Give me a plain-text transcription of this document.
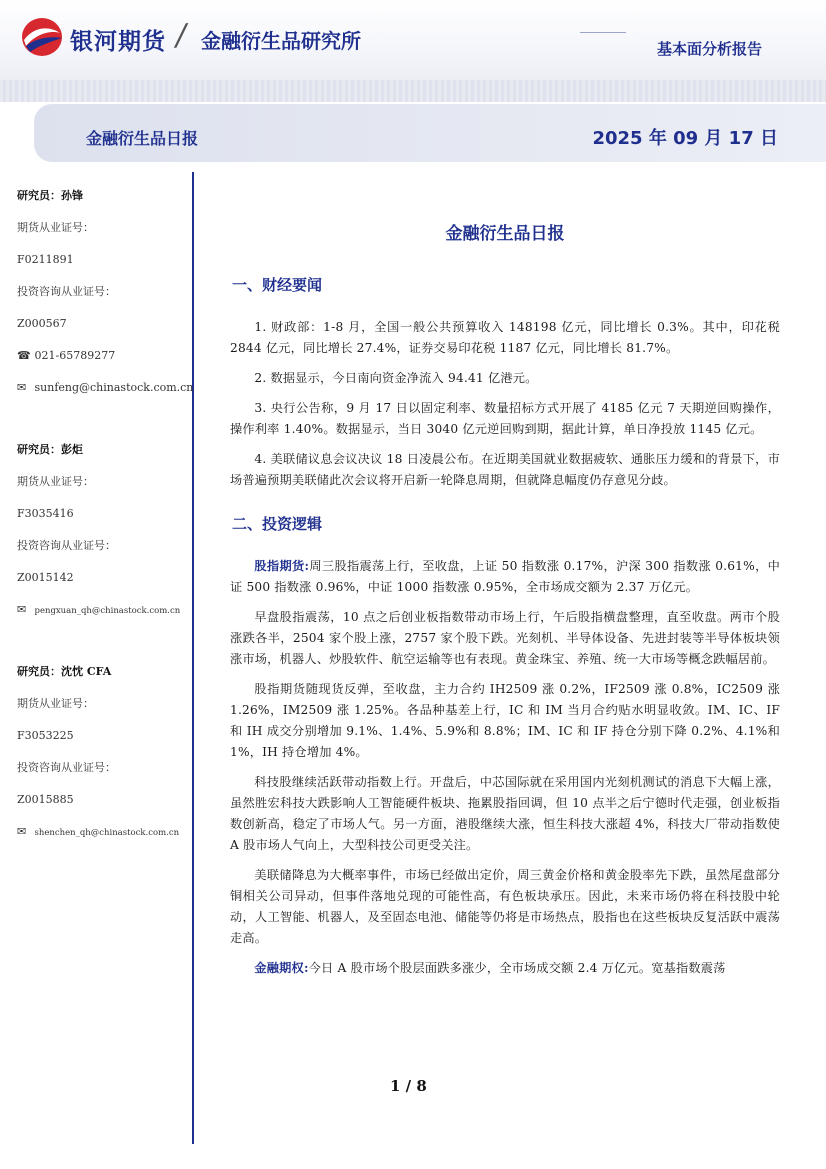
银河期货 / 金融衍生品研究所	基本面分析报告
金融衍生品日报	2025 年 09 月 17 日
研究员：孙锋
期货从业证号：
F0211891
投资咨询从业证号：
Z000567
☎ 021-65789277
✉ sunfeng@chinastock.com.cn
研究员：彭炬
期货从业证号：
F3035416
投资咨询从业证号：
Z0015142
✉ pengxuan_qh@chinastock.com.cn
研究员：沈忱 CFA
期货从业证号：
F3053225
投资咨询从业证号：
Z0015885
✉ shenchen_qh@chinastock.com.cn
金融衍生品日报
一、财经要闻

1. 财政部：1-8 月，全国一般公共预算收入 148198 亿元，同比增长 0.3%。其中，印花税 2844 亿元，同比增长 27.4%，证券交易印花税 1187 亿元，同比增长 81.7%。

2. 数据显示，今日南向资金净流入 94.41 亿港元。

3. 央行公告称，9 月 17 日以固定利率、数量招标方式开展了 4185 亿元 7 天期逆回购操作，操作利率 1.40%。数据显示，当日 3040 亿元逆回购到期，据此计算，单日净投放 1145 亿元。

4. 美联储议息会议决议 18 日凌晨公布。在近期美国就业数据疲软、通胀压力缓和的背景下，市场普遍预期美联储此次会议将开启新一轮降息周期，但就降息幅度仍存意见分歧。

二、投资逻辑

股指期货:周三股指震荡上行，至收盘，上证 50 指数涨 0.17%，沪深 300 指数涨 0.61%，中证 500 指数涨 0.96%，中证 1000 指数涨 0.95%，全市场成交额为 2.37 万亿元。

早盘股指震荡，10 点之后创业板指数带动市场上行，午后股指横盘整理，直至收盘。两市个股涨跌各半，2504 家个股上涨，2757 家个股下跌。光刻机、半导体设备、先进封装等半导体板块领涨市场，机器人、炒股软件、航空运输等也有表现。黄金珠宝、养殖、统一大市场等概念跌幅居前。

股指期货随现货反弹，至收盘，主力合约 IH2509 涨 0.2%，IF2509 涨 0.8%，IC2509 涨 1.26%，IM2509 涨 1.25%。各品种基差上行，IC 和 IM 当月合约贴水明显收敛。IM、IC、IF 和 IH 成交分别增加 9.1%、1.4%、5.9%和 8.8%；IM、IC 和 IF 持仓分别下降 0.2%、4.1%和 1%，IH 持仓增加 4%。

科技股继续活跃带动指数上行。开盘后，中芯国际就在采用国内光刻机测试的消息下大幅上涨，虽然胜宏科技大跌影响人工智能硬件板块、拖累股指回调，但 10 点半之后宁德时代走强，创业板指数创新高，稳定了市场人气。另一方面，港股继续大涨，恒生科技大涨超 4%，科技大厂带动指数使 A 股市场人气向上，大型科技公司更受关注。

美联储降息为大概率事件，市场已经做出定价，周三黄金价格和黄金股率先下跌，虽然尾盘部分铜相关公司异动，但事件落地兑现的可能性高，有色板块承压。因此，未来市场仍将在科技股中轮动，人工智能、机器人，及至固态电池、储能等仍将是市场热点，股指也在这些板块反复活跃中震荡走高。

金融期权:今日 A 股市场个股层面跌多涨少，全市场成交额 2.4 万亿元。宽基指数震荡

1 / 8
